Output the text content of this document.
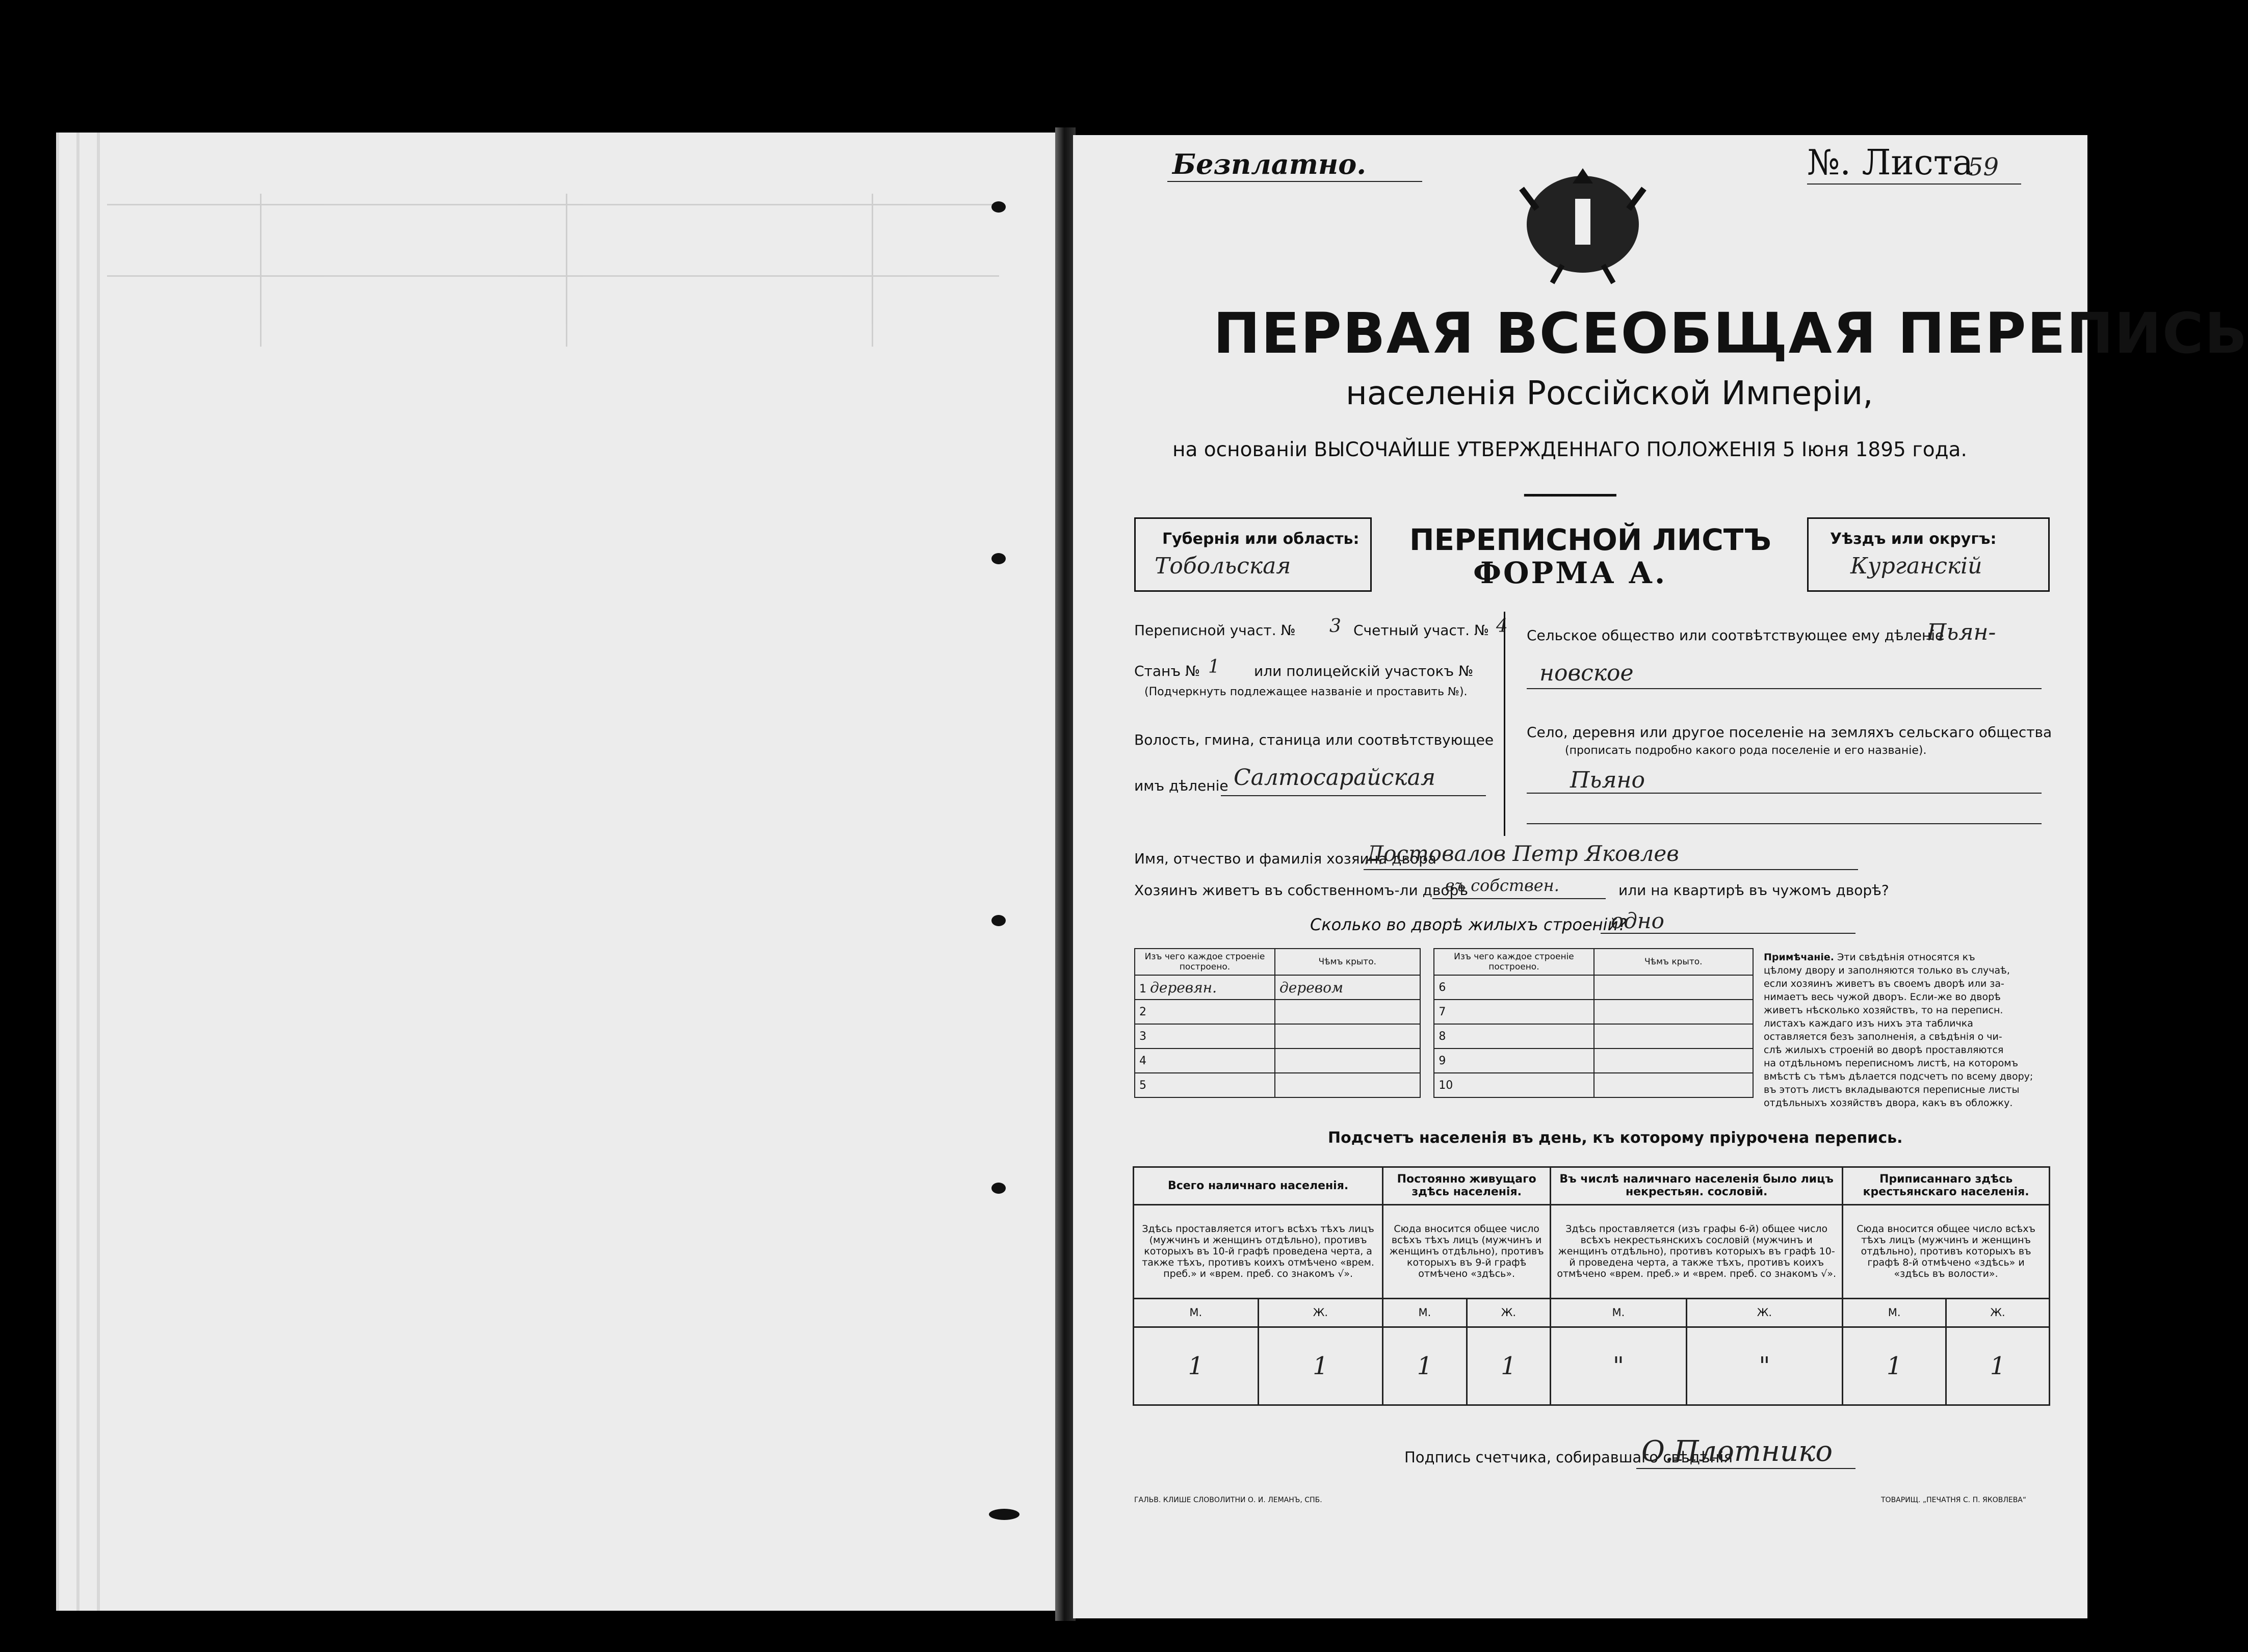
Безплатно.	№. Листа
59
ПЕРВАЯ ВСЕОБЩАЯ ПЕРЕПИСЬ
населенія Россійской Имперіи,
на основаніи ВЫСОЧАЙШЕ УТВЕРЖДЕННАГО ПОЛОЖЕНІЯ 5 Іюня 1895 года.
━━━━━━━━━━
Губернія или область:
Тобольская
ПЕРЕПИСНОЙ ЛИСТЪ
ФОРМА А.
Уѣздъ или округъ:
Курганскій
Переписной участ. № 3 Счетный участ. № 4
Станъ № 1 или полицейскій участокъ №
(Подчеркнуть подлежащее названіе и проставить №).
Волость, гмина, станица или соотвѣтствующее
имъ дѣленіе Салтосарайская
Сельское общество или соотвѣтствующее ему дѣленіе
Пьян-
новское
Село, деревня или другое поселеніе на земляхъ сельскаго общества
(прописать подробно какого рода поселеніе и его названіе).
Пьяно
Имя, отчество и фамилія хозяина двора
Достовалов Петр Яковлев
Хозяинъ живетъ въ собственномъ-ли дворѣ
въ собствен.	или на квартирѣ въ чужомъ дворѣ?
Сколько во дворѣ жилыхъ строеній?
одно
Изъ чего каждое строеніе построено.	Чѣмъ крыто.		Изъ чего каждое строеніе построено.	Чѣмъ крыто.
1 деревян.	деревом		6	
2			7	
3			8	
4			9	
5			10	
Примѣчаніе. Эти свѣдѣнія относятся къ
цѣлому двору и заполняются только въ случаѣ,
если хозяинъ живетъ въ своемъ дворѣ или за-
нимаетъ весь чужой дворъ. Если-же во дворѣ
живетъ нѣсколько хозяйствъ, то на переписн.
листахъ каждаго изъ нихъ эта табличка
оставляется безъ заполненія, а свѣдѣнія о чи-
слѣ жилыхъ строеній во дворѣ проставляются
на отдѣльномъ переписномъ листѣ, на которомъ
вмѣстѣ съ тѣмъ дѣлается подсчетъ по всему двору;
въ этотъ листъ вкладываются переписные листы
отдѣльныхъ хозяйствъ двора, какъ въ обложку.
Подсчетъ населенія въ день, къ которому пріурочена перепись.
Всего наличнаго населенія.		Постоянно живущаго здѣсь населенія.		Въ числѣ наличнаго населенія было лицъ некрестьян. сословій.		Приписаннаго здѣсь крестьянскаго населенія.	
Здѣсь проставляется итогъ всѣхъ тѣхъ лицъ (мужчинъ и женщинъ отдѣльно), противъ которыхъ въ 10-й графѣ проведена черта, а также тѣхъ, противъ коихъ отмѣчено «врем. преб.» и «врем. преб. со знакомъ √».		Сюда вносится общее число всѣхъ тѣхъ лицъ (мужчинъ и женщинъ отдѣльно), противъ которыхъ въ 9-й графѣ отмѣчено «здѣсь».		Здѣсь проставляется (изъ графы 6-й) общее число всѣхъ некрестьянскихъ сословій (мужчинъ и женщинъ отдѣльно), противъ которыхъ въ графѣ 10-й проведена черта, а также тѣхъ, противъ коихъ отмѣчено «врем. преб.» и «врем. преб. со знакомъ √».		Сюда вносится общее число всѣхъ тѣхъ лицъ (мужчинъ и женщинъ отдѣльно), противъ которыхъ въ графѣ 8-й отмѣчено «здѣсь» и «здѣсь въ волости».	
М.	Ж.	М.	Ж.	М.	Ж.	М.	Ж.
1	1	1	1	"	"	1	1
Подпись счетчика, собиравшаго свѣдѣнія
О.Плотнико
ГАЛЬВ. КЛИШЕ СЛОВОЛИТНИ О. И. ЛЕМАНЪ, СПБ.	ТОВАРИЩ. „ПЕЧАТНЯ С. П. ЯКОВЛЕВА“
